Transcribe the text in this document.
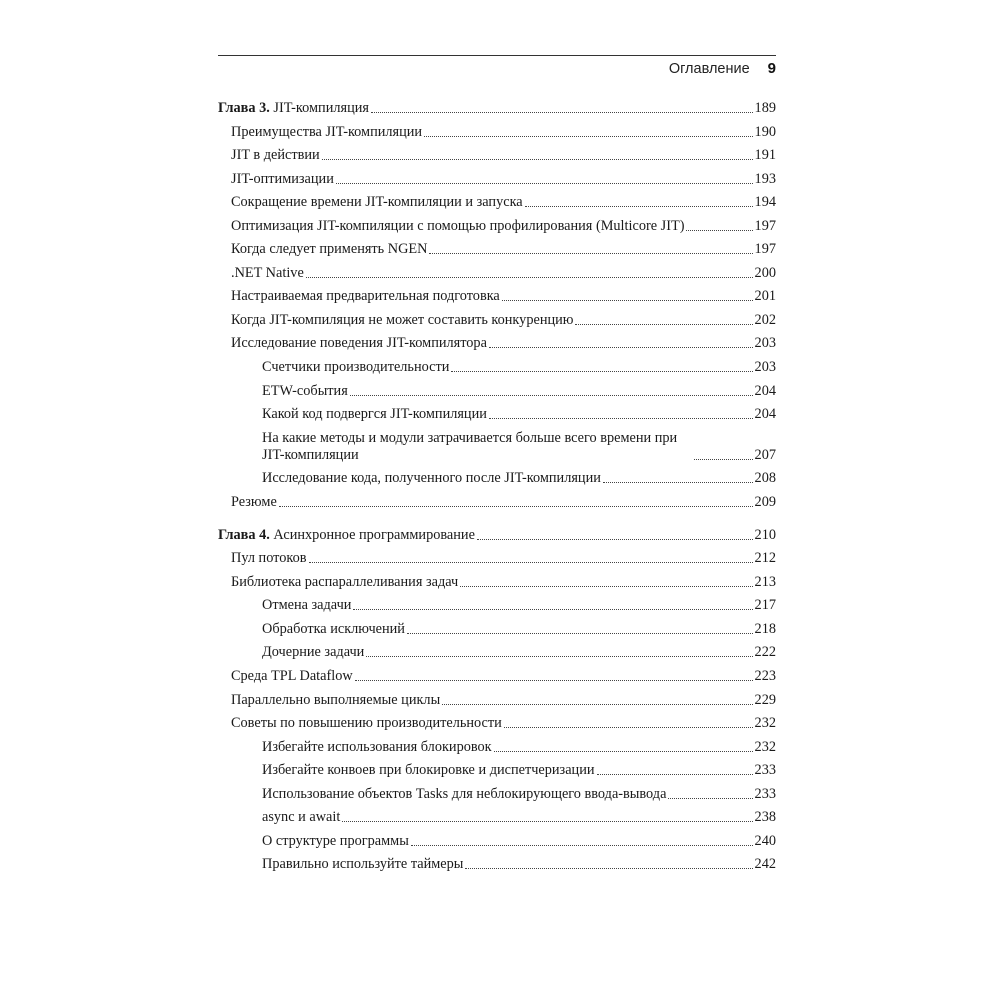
Оглавление 9
Глава 3. JIT-компиляция	189
Преимущества JIT-компиляции	190
JIT в действии	191
JIT-оптимизации	193
Сокращение времени JIT-компиляции и запуска	194
Оптимизация JIT-компиляции с помощью профилирования (Multicore JIT)	197
Когда следует применять NGEN	197
.NET Native	200
Настраиваемая предварительная подготовка	201
Когда JIT-компиляция не может составить конкуренцию	202
Исследование поведения JIT-компилятора	203
Счетчики производительности	203
ETW-события	204
Какой код подвергся JIT-компиляции	204
На какие методы и модули затрачивается больше всего времени при JIT-компиляции	207
Исследование кода, полученного после JIT-компиляции	208
Резюме	209
Глава 4. Асинхронное программирование	210
Пул потоков	212
Библиотека распараллеливания задач	213
Отмена задачи	217
Обработка исключений	218
Дочерние задачи	222
Среда TPL Dataflow	223
Параллельно выполняемые циклы	229
Советы по повышению производительности	232
Избегайте использования блокировок	232
Избегайте конвоев при блокировке и диспетчеризации	233
Использование объектов Tasks для неблокирующего ввода-вывода	233
async и await	238
О структуре программы	240
Правильно используйте таймеры	242
